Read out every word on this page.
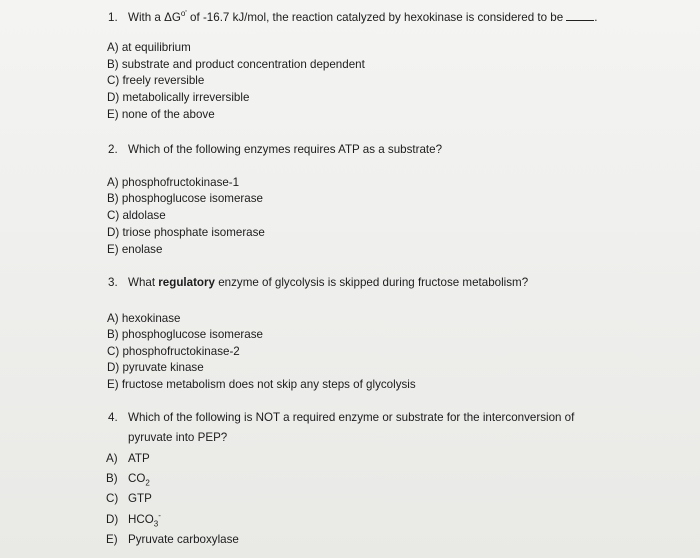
1. With a $\Delta G^{o'}$ of -16.7 kJ/mol, the reaction catalyzed by hexokinase is considered to be	.
A) at equilibrium
B) substrate and product concentration dependent
C) freely reversible
D) metabolically irreversible
E) none of the above
2. Which of the following enzymes requires ATP as a substrate?
A) phosphofructokinase-1
B) phosphoglucose isomerase
C) aldolase
D) triose phosphate isomerase
E) enolase
3. What regulatory enzyme of glycolysis is skipped during fructose metabolism?
A) hexokinase
B) phosphoglucose isomerase
C) phosphofructokinase-2
D) pyruvate kinase
E) fructose metabolism does not skip any steps of glycolysis
4. Which of the following is NOT a required enzyme or substrate for the interconversion of
pyruvate into PEP?
A) ATP
B) $CO_2$
C) GTP
D) $HCO_3^-$
E) Pyruvate carboxylase
